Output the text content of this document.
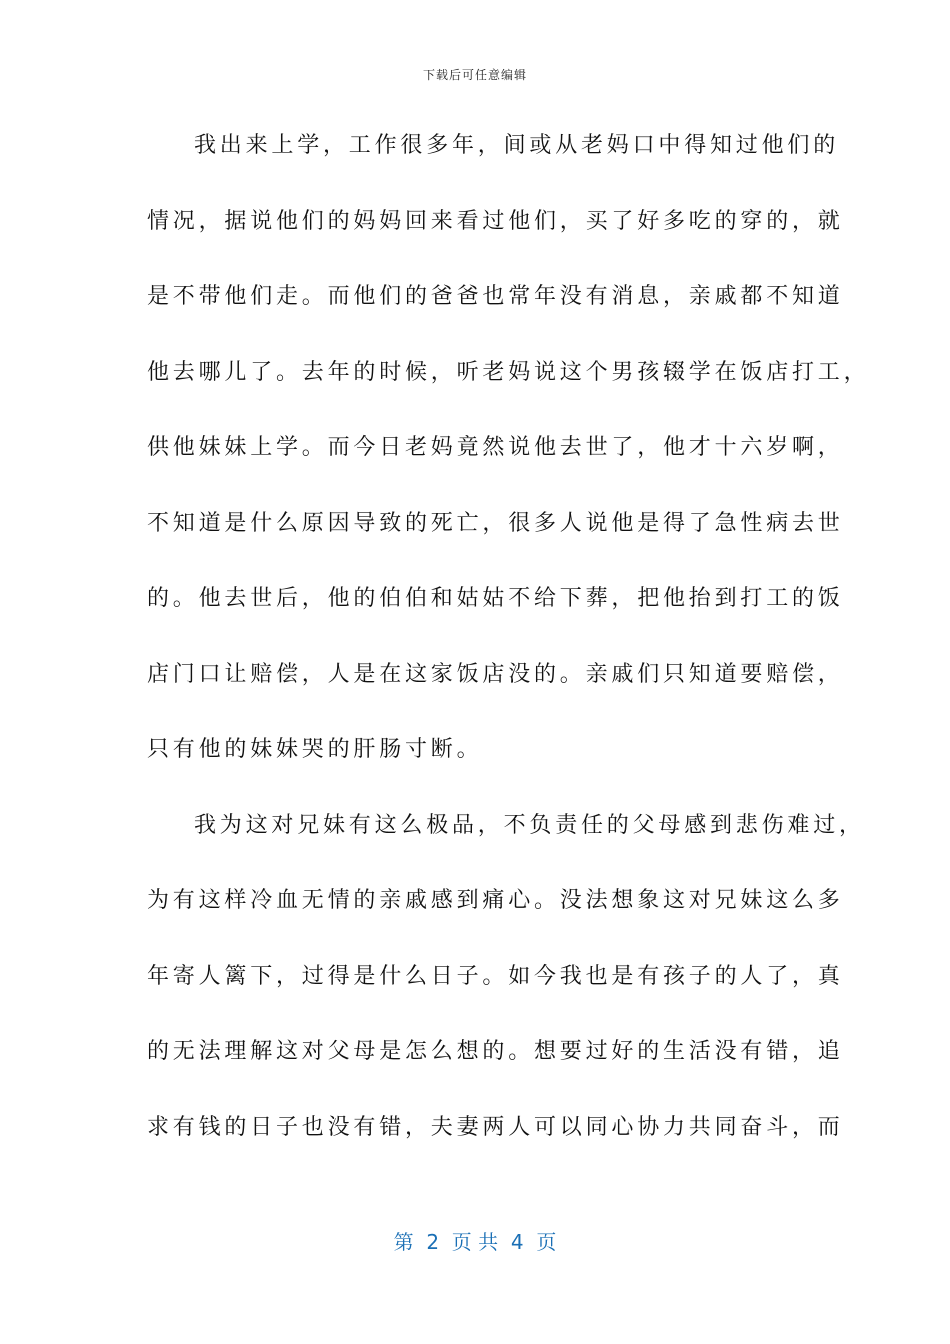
下载后可任意编辑
我出来上学，工作很多年，间或从老妈口中得知过他们的
情况，据说他们的妈妈回来看过他们，买了好多吃的穿的，就
是不带他们走。而他们的爸爸也常年没有消息，亲戚都不知道
他去哪儿了。去年的时候，听老妈说这个男孩辍学在饭店打工，
供他妹妹上学。而今日老妈竟然说他去世了，他才十六岁啊，
不知道是什么原因导致的死亡，很多人说他是得了急性病去世
的。他去世后，他的伯伯和姑姑不给下葬，把他抬到打工的饭
店门口让赔偿，人是在这家饭店没的。亲戚们只知道要赔偿，
只有他的妹妹哭的肝肠寸断。
我为这对兄妹有这么极品，不负责任的父母感到悲伤难过，
为有这样冷血无情的亲戚感到痛心。没法想象这对兄妹这么多
年寄人篱下，过得是什么日子。如今我也是有孩子的人了，真
的无法理解这对父母是怎么想的。想要过好的生活没有错，追
求有钱的日子也没有错，夫妻两人可以同心协力共同奋斗，而
第  2  页 共  4  页
